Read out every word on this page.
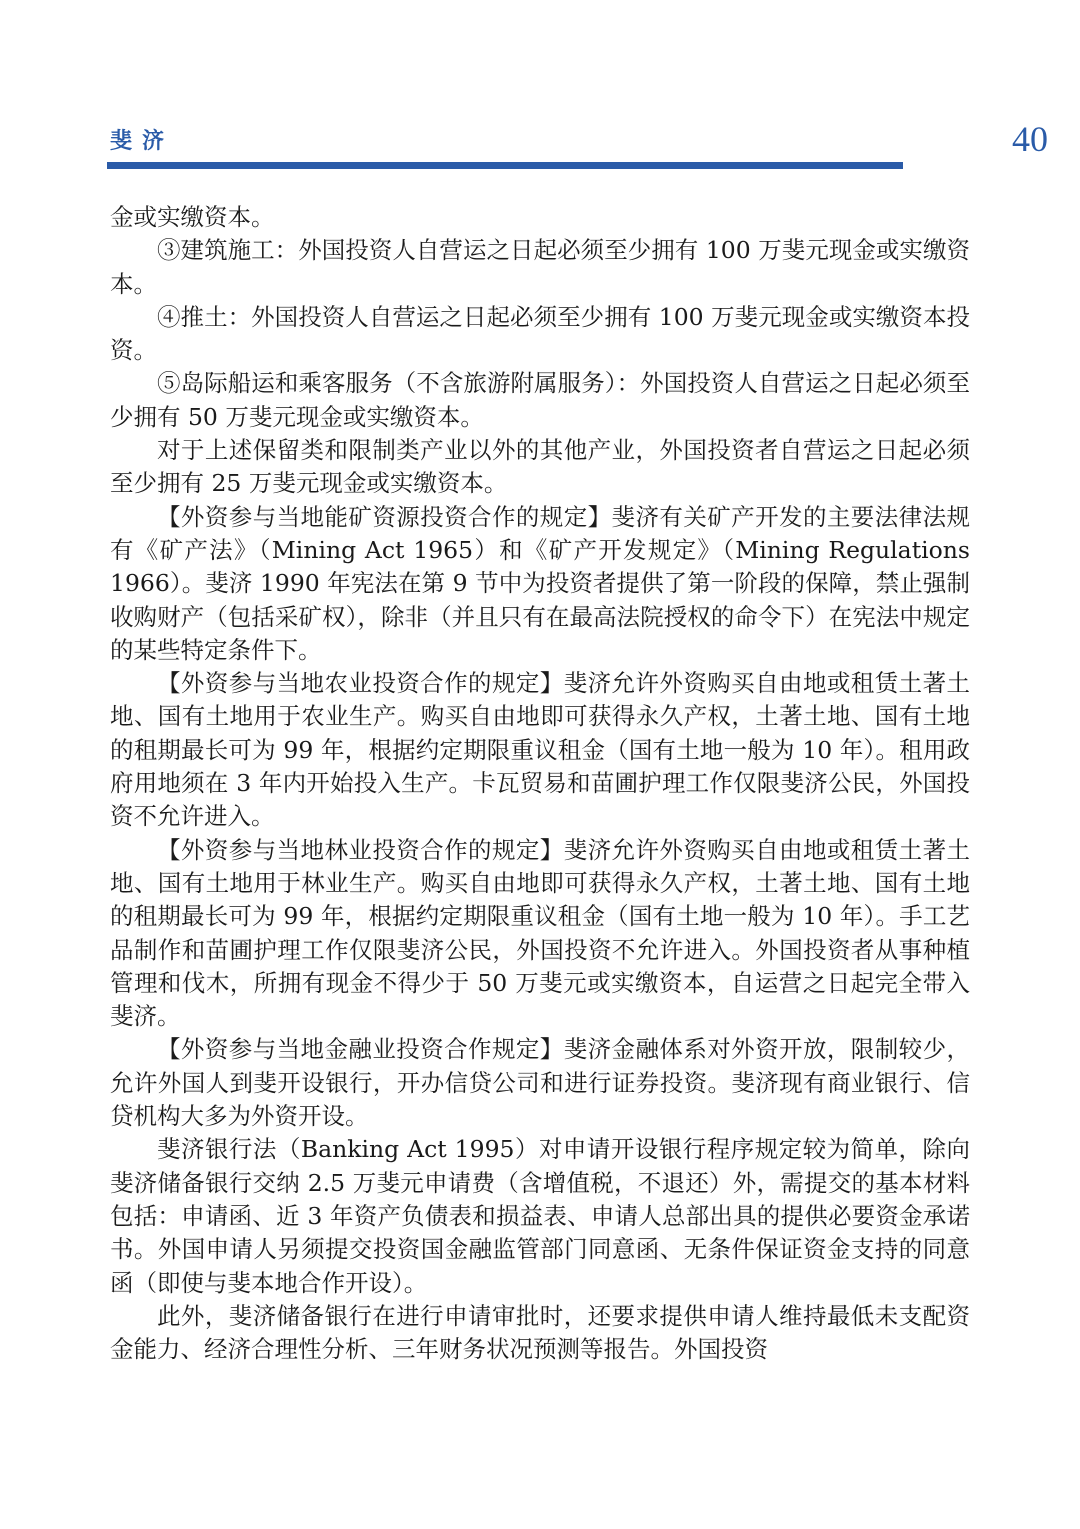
斐济	40

金或实缴资本。

③建筑施工：外国投资人自营运之日起必须至少拥有 100 万斐元现金或实缴资本。

④推土：外国投资人自营运之日起必须至少拥有 100 万斐元现金或实缴资本投资。

⑤岛际船运和乘客服务（不含旅游附属服务）：外国投资人自营运之日起必须至少拥有 50 万斐元现金或实缴资本。

对于上述保留类和限制类产业以外的其他产业，外国投资者自营运之日起必须至少拥有 25 万斐元现金或实缴资本。

【外资参与当地能矿资源投资合作的规定】斐济有关矿产开发的主要法律法规有《矿产法》（Mining Act 1965）和《矿产开发规定》（Mining Regulations 1966）。斐济 1990 年宪法在第 9 节中为投资者提供了第一阶段的保障，禁止强制收购财产（包括采矿权），除非（并且只有在最高法院授权的命令下）在宪法中规定的某些特定条件下。

【外资参与当地农业投资合作的规定】斐济允许外资购买自由地或租赁土著土地、国有土地用于农业生产。购买自由地即可获得永久产权，土著土地、国有土地的租期最长可为 99 年，根据约定期限重议租金（国有土地一般为 10 年）。租用政府用地须在 3 年内开始投入生产。卡瓦贸易和苗圃护理工作仅限斐济公民，外国投资不允许进入。

【外资参与当地林业投资合作的规定】斐济允许外资购买自由地或租赁土著土地、国有土地用于林业生产。购买自由地即可获得永久产权，土著土地、国有土地的租期最长可为 99 年，根据约定期限重议租金（国有土地一般为 10 年）。手工艺品制作和苗圃护理工作仅限斐济公民，外国投资不允许进入。外国投资者从事种植管理和伐木，所拥有现金不得少于 50 万斐元或实缴资本，自运营之日起完全带入斐济。

【外资参与当地金融业投资合作规定】斐济金融体系对外资开放，限制较少，允许外国人到斐开设银行，开办信贷公司和进行证券投资。斐济现有商业银行、信贷机构大多为外资开设。

斐济银行法（Banking Act 1995）对申请开设银行程序规定较为简单，除向斐济储备银行交纳 2.5 万斐元申请费（含增值税，不退还）外，需提交的基本材料包括：申请函、近 3 年资产负债表和损益表、申请人总部出具的提供必要资金承诺书。外国申请人另须提交投资国金融监管部门同意函、无条件保证资金支持的同意函（即使与斐本地合作开设）。

此外，斐济储备银行在进行申请审批时，还要求提供申请人维持最低未支配资金能力、经济合理性分析、三年财务状况预测等报告。外国投资
